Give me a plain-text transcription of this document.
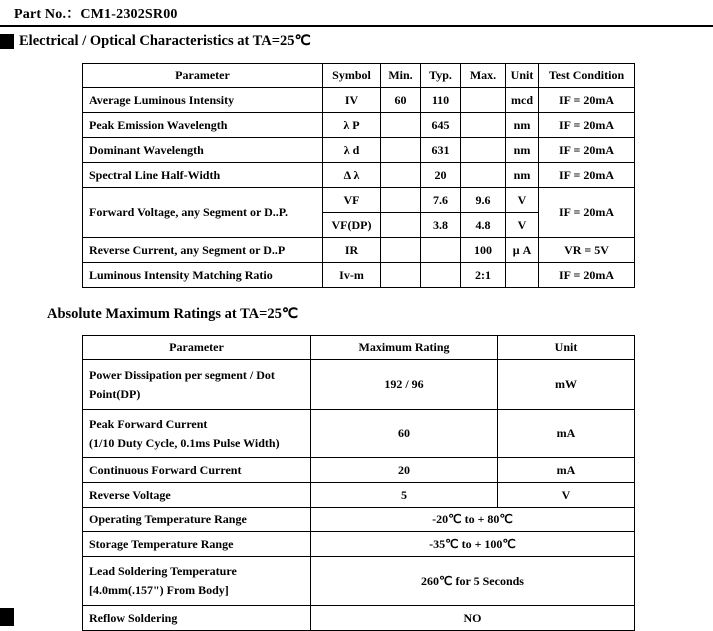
Part No.：CM1-2302SR00
Electrical / Optical Characteristics at TA=25℃
Parameter	Symbol	Min.	Typ.	Max.	Unit	Test Condition
Average Luminous Intensity	IV	60	110		mcd	IF = 20mA
Peak Emission Wavelength	λ P		645		nm	IF = 20mA
Dominant Wavelength	λ d		631		nm	IF = 20mA
Spectral Line Half-Width	Δ λ		20		nm	IF = 20mA
Forward Voltage, any Segment or D..P.	VF		7.6	9.6	V	IF = 20mA
	VF(DP)		3.8	4.8	V	
Reverse Current, any Segment or D..P	IR			100	μ A	VR = 5V
Luminous Intensity Matching Ratio	Iv-m			2:1		IF = 20mA
Absolute Maximum Ratings at TA=25℃
Parameter	Maximum Rating	Unit

Power Dissipation per segment / Dot
Point(DP)	192 / 96	mW

Peak Forward Current
(1/10 Duty Cycle, 0.1ms Pulse Width)	60	mA
Continuous Forward Current	20	mA
Reverse Voltage	5	V
Operating Temperature Range	-20℃ to + 80℃	
Storage Temperature Range	-35℃ to + 100℃	

Lead Soldering Temperature
[4.0mm(.157") From Body]	260℃ for 5 Seconds	
Reflow Soldering	NO	
